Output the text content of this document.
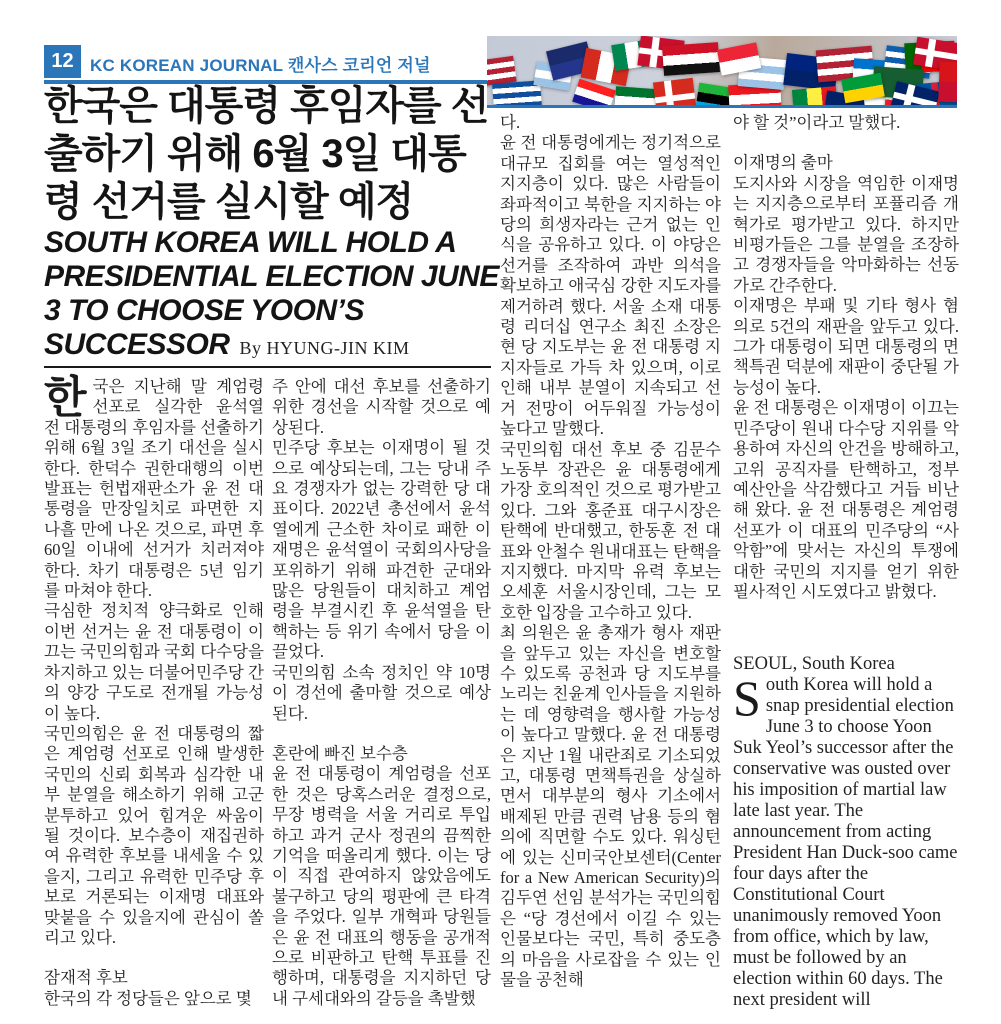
12 KC KOREAN JOURNAL 캔사스 코리언 저널
한국은 대통령 후임자를 선출하기 위해 6월 3일 대통령 선거를 실시할 예정
SOUTH KOREA WILL HOLD A PRESIDENTIAL ELECTION JUNE 3 TO CHOOSE YOON’S SUCCESSOR By HYUNG-JIN KIM

한국은 지난해 말 계엄령 선포로 실각한 윤석열 전 대통령의 후임자를 선출하기 위해 6월 3일 조기 대선을 실시한다. 한덕수 권한대행의 이번 발표는 헌법재판소가 윤 전 대통령을 만장일치로 파면한 지 나흘 만에 나온 것으로, 파면 후 60일 이내에 선거가 치러져야 한다. 차기 대통령은 5년 임기를 마쳐야 한다.

극심한 정치적 양극화로 인해 이번 선거는 윤 전 대통령이 이끄는 국민의힘과 국회 다수당을 차지하고 있는 더불어민주당 간의 양강 구도로 전개될 가능성이 높다.

국민의힘은 윤 전 대통령의 짧은 계엄령 선포로 인해 발생한 국민의 신뢰 회복과 심각한 내부 분열을 해소하기 위해 고군분투하고 있어 힘겨운 싸움이 될 것이다. 보수층이 재집권하여 유력한 후보를 내세울 수 있을지, 그리고 유력한 민주당 후보로 거론되는 이재명 대표와 맞붙을 수 있을지에 관심이 쏠리고 있다.

잠재적 후보

한국의 각 정당들은 앞으로 몇

주 안에 대선 후보를 선출하기 위한 경선을 시작할 것으로 예상된다.

민주당 후보는 이재명이 될 것으로 예상되는데, 그는 당내 주요 경쟁자가 없는 강력한 당 대표이다. 2022년 총선에서 윤석열에게 근소한 차이로 패한 이재명은 윤석열이 국회의사당을 포위하기 위해 파견한 군대와 많은 당원들이 대치하고 계엄령을 부결시킨 후 윤석열을 탄핵하는 등 위기 속에서 당을 이끌었다.

국민의힘 소속 정치인 약 10명이 경선에 출마할 것으로 예상된다.

혼란에 빠진 보수층

윤 전 대통령이 계엄령을 선포한 것은 당혹스러운 결정으로, 무장 병력을 서울 거리로 투입하고 과거 군사 정권의 끔찍한 기억을 떠올리게 했다. 이는 당이 직접 관여하지 않았음에도 불구하고 당의 평판에 큰 타격을 주었다. 일부 개혁파 당원들은 윤 전 대표의 행동을 공개적으로 비판하고 탄핵 투표를 진행하며, 대통령을 지지하던 당내 구세대와의 갈등을 촉발했

다.

윤 전 대통령에게는 정기적으로 대규모 집회를 여는 열성적인 지지층이 있다. 많은 사람들이 좌파적이고 북한을 지지하는 야당의 희생자라는 근거 없는 인식을 공유하고 있다. 이 야당은 선거를 조작하여 과반 의석을 확보하고 애국심 강한 지도자를 제거하려 했다. 서울 소재 대통령 리더십 연구소 최진 소장은 현 당 지도부는 윤 전 대통령 지지자들로 가득 차 있으며, 이로 인해 내부 분열이 지속되고 선거 전망이 어두워질 가능성이 높다고 말했다.

국민의힘 대선 후보 중 김문수 노동부 장관은 윤 대통령에게 가장 호의적인 것으로 평가받고 있다. 그와 홍준표 대구시장은 탄핵에 반대했고, 한동훈 전 대표와 안철수 원내대표는 탄핵을 지지했다. 마지막 유력 후보는 오세훈 서울시장인데, 그는 모호한 입장을 고수하고 있다.

최 의원은 윤 총재가 형사 재판을 앞두고 있는 자신을 변호할 수 있도록 공천과 당 지도부를 노리는 친윤계 인사들을 지원하는 데 영향력을 행사할 가능성이 높다고 말했다. 윤 전 대통령은 지난 1월 내란죄로 기소되었고, 대통령 면책특권을 상실하면서 대부분의 형사 기소에서 배제된 만큼 권력 남용 등의 혐의에 직면할 수도 있다. 워싱턴에 있는 신미국안보센터(Center for a New American Security)의 김두연 선임 분석가는 국민의힘은 “당 경선에서 이길 수 있는 인물보다는 국민, 특히 중도층의 마음을 사로잡을 수 있는 인물을 공천해

야 할 것”이라고 말했다.

이재명의 출마

도지사와 시장을 역임한 이재명는 지지층으로부터 포퓰리즘 개혁가로 평가받고 있다. 하지만 비평가들은 그를 분열을 조장하고 경쟁자들을 악마화하는 선동가로 간주한다.

이재명은 부패 및 기타 형사 혐의로 5건의 재판을 앞두고 있다. 그가 대통령이 되면 대통령의 면책특권 덕분에 재판이 중단될 가능성이 높다.

윤 전 대통령은 이재명이 이끄는 민주당이 원내 다수당 지위를 악용하여 자신의 안건을 방해하고, 고위 공직자를 탄핵하고, 정부 예산안을 삭감했다고 거듭 비난해 왔다. 윤 전 대통령은 계엄령 선포가 이 대표의 민주당의 “사악함”에 맞서는 자신의 투쟁에 대한 국민의 지지를 얻기 위한 필사적인 시도였다고 밝혔다.

SEOUL, South Korea

South Korea will hold a snap presidential election June 3 to choose Yoon Suk Yeol’s successor after the conservative was ousted over his imposition of martial law late last year. The announcement from acting President Han Duck-soo came four days after the Constitutional Court unanimously removed Yoon from office, which by law, must be followed by an election within 60 days. The next president will
